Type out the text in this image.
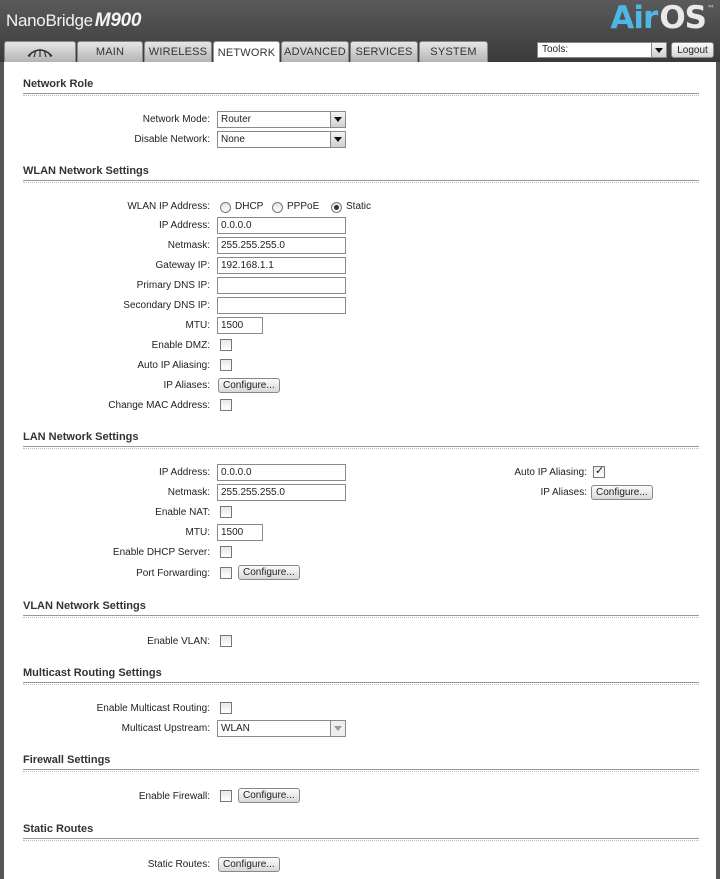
NanoBridge M900	AirOS™
MAIN WIRELESS NETWORK ADVANCED SERVICES SYSTEM	Tools:	Logout
Network Role
Network Mode:	Router
Disable Network:	None
WLAN Network Settings
WLAN IP Address:	DHCP PPPoE	Static
IP Address:
0.0.0.0
Netmask:
255.255.255.0
Gateway IP:
192.168.1.1
Primary DNS IP:
Secondary DNS IP:
MTU:
1500
Enable DMZ:
Auto IP Aliasing:
IP Aliases:	Configure...
Change MAC Address:
LAN Network Settings
IP Address:
0.0.0.0
Netmask:
255.255.255.0
Enable NAT:
MTU:
1500
Enable DHCP Server:
Port Forwarding:	Configure...
Auto IP Aliasing:
✓
IP Aliases: Configure...
VLAN Network Settings
Enable VLAN:
Multicast Routing Settings
Enable Multicast Routing:
Multicast Upstream:	WLAN
Firewall Settings
Enable Firewall:	Configure...
Static Routes
Static Routes:	Configure...
